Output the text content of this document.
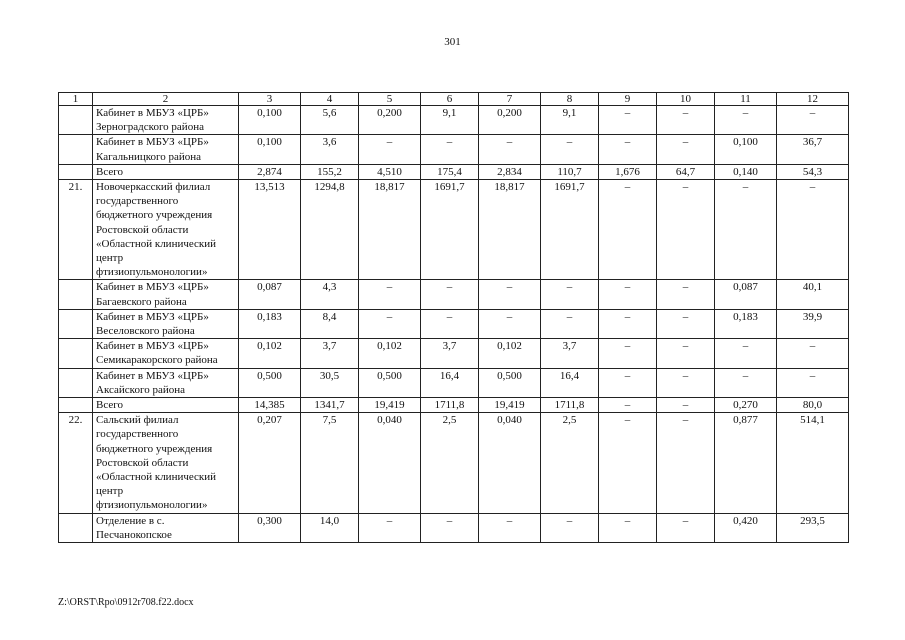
301
1	2	3	4	5	6	7	8	9	10	11	12
	Кабинет в МБУЗ «ЦРБ» Зерноградского района	0,100	5,6	0,200	9,1	0,200	9,1	–	–	–	–
	Кабинет в МБУЗ «ЦРБ» Кагальницкого района	0,100	3,6	–	–	–	–	–	–	0,100	36,7
	Всего	2,874	155,2	4,510	175,4	2,834	110,7	1,676	64,7	0,140	54,3
21.	Новочеркасский филиал государственного бюджетного учреждения Ростовской области «Областной клинический центр фтизиопульмонологии»	13,513	1294,8	18,817	1691,7	18,817	1691,7	–	–	–	–
	Кабинет в МБУЗ «ЦРБ» Багаевского района	0,087	4,3	–	–	–	–	–	–	0,087	40,1
	Кабинет в МБУЗ «ЦРБ» Веселовского района	0,183	8,4	–	–	–	–	–	–	0,183	39,9
	Кабинет в МБУЗ «ЦРБ» Семикаракорского района	0,102	3,7	0,102	3,7	0,102	3,7	–	–	–	–
	Кабинет в МБУЗ «ЦРБ» Аксайского района	0,500	30,5	0,500	16,4	0,500	16,4	–	–	–	–
	Всего	14,385	1341,7	19,419	1711,8	19,419	1711,8	–	–	0,270	80,0
22.	Сальский филиал государственного бюджетного учреждения Ростовской области «Областной клинический центр фтизиопульмонологии»	0,207	7,5	0,040	2,5	0,040	2,5	–	–	0,877	514,1
	Отделение в с. Песчанокопское	0,300	14,0	–	–	–	–	–	–	0,420	293,5
Z:\ORST\Rpo\0912r708.f22.docx
